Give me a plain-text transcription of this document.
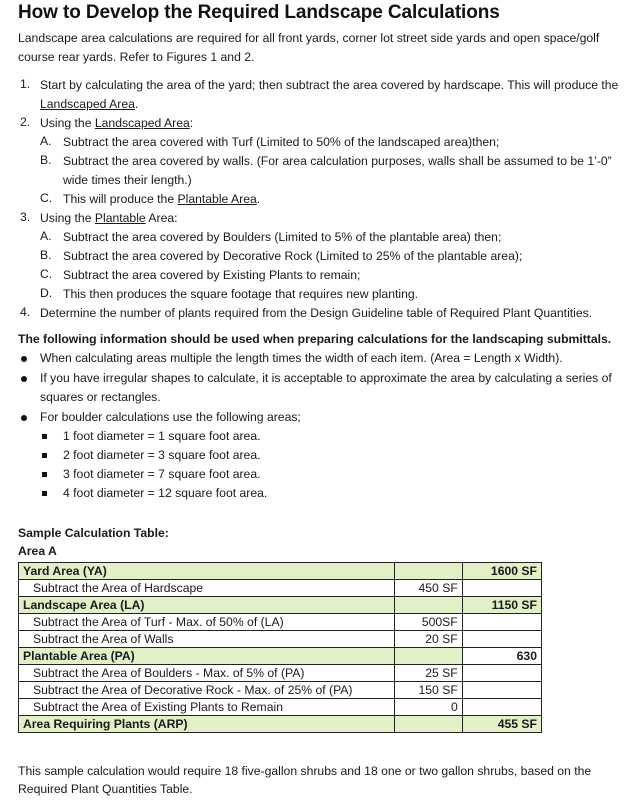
How to Develop the Required Landscape Calculations
Landscape area calculations are required for all front yards, corner lot street side yards and open space/golf
course rear yards. Refer to Figures 1 and 2.
1. Start by calculating the area of the yard; then subtract the area covered by hardscape. This will produce the
Landscaped Area.
2. Using the Landscaped Area:
A. Subtract the area covered with Turf (Limited to 50% of the landscaped area)then;
B. Subtract the area covered by walls. (For area calculation purposes, walls shall be assumed to be 1’-0”
wide times their length.)
C. This will produce the Plantable Area.
3. Using the Plantable Area:
A. Subtract the area covered by Boulders (Limited to 5% of the plantable area) then;
B. Subtract the area covered by Decorative Rock (Limited to 25% of the plantable area);
C. Subtract the area covered by Existing Plants to remain;
D. This then produces the square footage that requires new planting.
4. Determine the number of plants required from the Design Guideline table of Required Plant Quantities.
The following information should be used when preparing calculations for the landscaping submittals.
When calculating areas multiple the length times the width of each item. (Area = Length x Width).
If you have irregular shapes to calculate, it is acceptable to approximate the area by calculating a series of
squares or rectangles.
For boulder calculations use the following areas;
1 foot diameter = 1 square foot area.
2 foot diameter = 3 square foot area.
3 foot diameter = 7 square foot area.
4 foot diameter = 12 square foot area.
Sample Calculation Table:
Area A
Yard Area (YA)		1600 SF
Subtract the Area of Hardscape	450 SF	
Landscape Area (LA)		1150 SF
Subtract the Area of Turf - Max. of 50% of (LA)	500SF	
Subtract the Area of Walls	20 SF	
Plantable Area (PA)		630
Subtract the Area of Boulders - Max. of 5% of (PA)	25 SF	
Subtract the Area of Decorative Rock - Max. of 25% of (PA)	150 SF	
Subtract the Area of Existing Plants to Remain	0	
Area Requiring Plants (ARP)		455 SF
This sample calculation would require 18 five-gallon shrubs and 18 one or two gallon shrubs, based on the
Required Plant Quantities Table.
